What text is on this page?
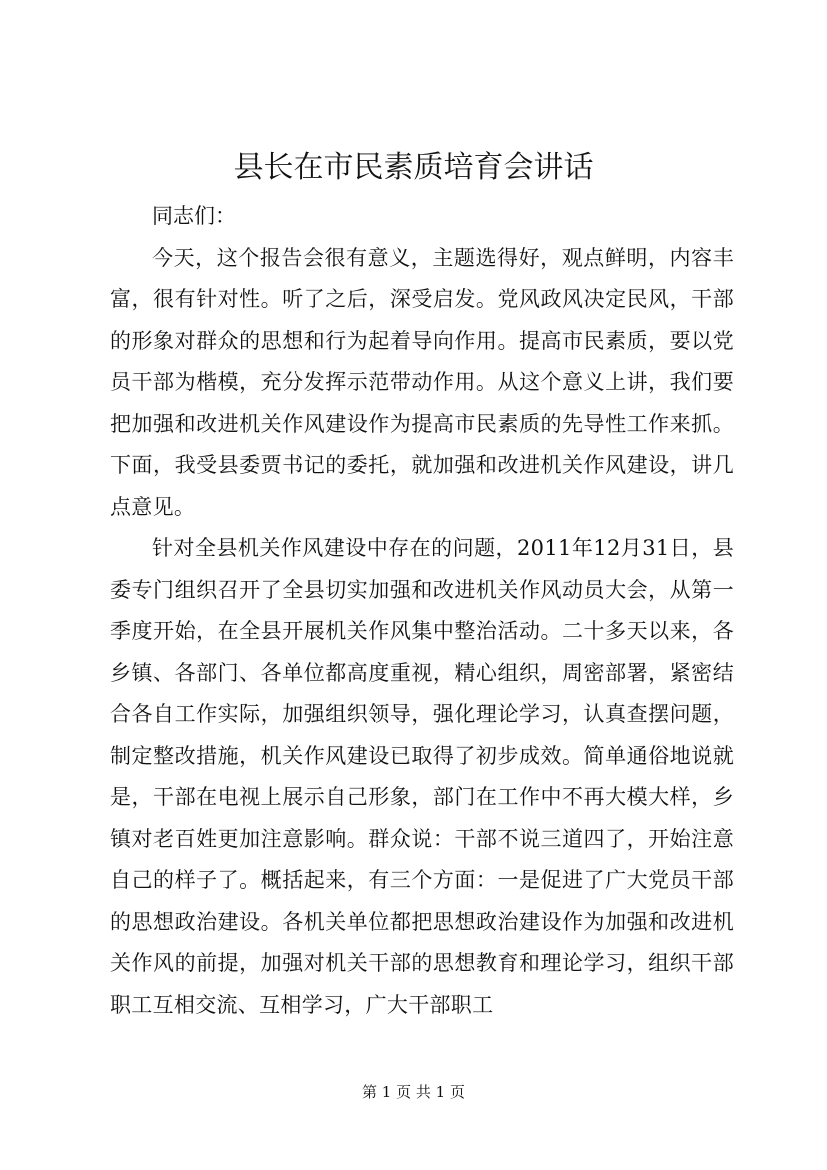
县长在市民素质培育会讲话

同志们：

今天，这个报告会很有意义，主题选得好，观点鲜明，内容丰富，很有针对性。听了之后，深受启发。党风政风决定民风，干部的形象对群众的思想和行为起着导向作用。提高市民素质，要以党员干部为楷模，充分发挥示范带动作用。从这个意义上讲，我们要把加强和改进机关作风建设作为提高市民素质的先导性工作来抓。下面，我受县委贾书记的委托，就加强和改进机关作风建设，讲几点意见。

针对全县机关作风建设中存在的问题，2011年12月31日，县委专门组织召开了全县切实加强和改进机关作风动员大会，从第一季度开始，在全县开展机关作风集中整治活动。二十多天以来，各乡镇、各部门、各单位都高度重视，精心组织，周密部署，紧密结合各自工作实际，加强组织领导，强化理论学习，认真查摆问题，制定整改措施，机关作风建设已取得了初步成效。简单通俗地说就是，干部在电视上展示自己形象，部门在工作中不再大模大样，乡镇对老百姓更加注意影响。群众说：干部不说三道四了，开始注意自己的样子了。概括起来，有三个方面：一是促进了广大党员干部的思想政治建设。各机关单位都把思想政治建设作为加强和改进机关作风的前提，加强对机关干部的思想教育和理论学习，组织干部职工互相交流、互相学习，广大干部职工

第 1 页 共 1 页
